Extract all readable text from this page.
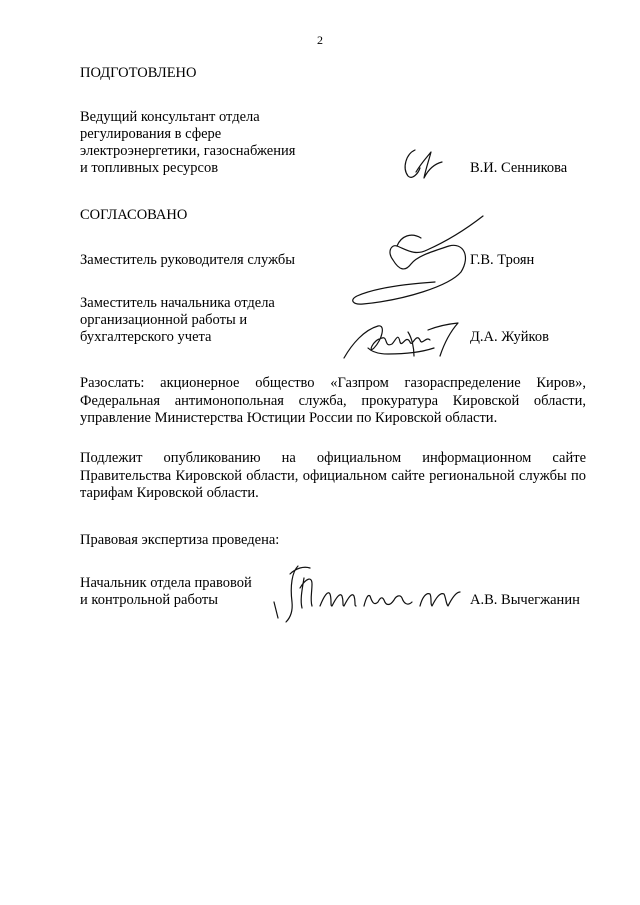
2
ПОДГОТОВЛЕНО
Ведущий консультант отдела
регулирования в сфере
электроэнергетики, газоснабжения
и топливных ресурсов	В.И. Сенникова
СОГЛАСОВАНО
Заместитель руководителя службы	Г.В. Троян
Заместитель начальника отдела
организационной работы и
бухгалтерского учета	Д.А. Жуйков
Разослать: акционерное общество «Газпром газораспределение Киров», Федеральная антимонопольная служба, прокуратура Кировской области, управление Министерства Юстиции России по Кировской области.
Подлежит опубликованию на официальном информационном сайте Правительства Кировской области, официальном сайте региональной службы по тарифам Кировской области.
Правовая экспертиза проведена:
Начальник отдела правовой
и контрольной работы	А.В. Вычегжанин
